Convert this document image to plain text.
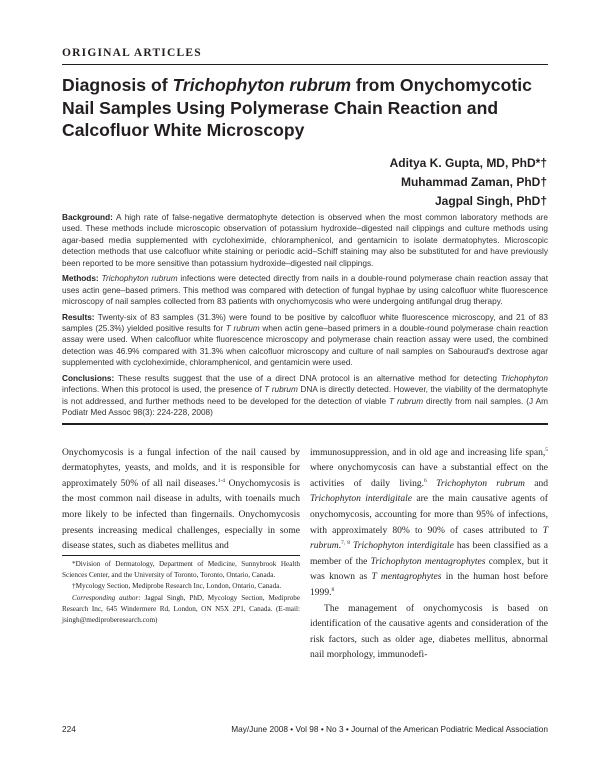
ORIGINAL ARTICLES
Diagnosis of Trichophyton rubrum from Onychomycotic Nail Samples Using Polymerase Chain Reaction and Calcofluor White Microscopy
Aditya K. Gupta, MD, PhD*†
Muhammad Zaman, PhD†
Jagpal Singh, PhD†

Background: A high rate of false-negative dermatophyte detection is observed when the most common laboratory methods are used. These methods include microscopic observation of potassium hydroxide–digested nail clippings and culture methods using agar-based media supplemented with cycloheximide, chloramphenicol, and gentamicin to isolate dermatophytes. Microscopic detection methods that use calcofluor white staining or periodic acid–Schiff staining may also be substituted for and have previously been reported to be more sensitive than potassium hydroxide–digested nail clippings.

Methods: Trichophyton rubrum infections were detected directly from nails in a double-round polymerase chain reaction assay that uses actin gene–based primers. This method was compared with detection of fungal hyphae by using calcofluor white fluorescence microscopy of nail samples collected from 83 patients with onychomycosis who were undergoing antifungal drug therapy.

Results: Twenty-six of 83 samples (31.3%) were found to be positive by calcofluor white fluorescence microscopy, and 21 of 83 samples (25.3%) yielded positive results for T rubrum when actin gene–based primers in a double-round polymerase chain reaction assay were used. When calcofluor white fluorescence microscopy and polymerase chain reaction assay were used, the combined detection was 46.9% compared with 31.3% when calcofluor microscopy and culture of nail samples on Sabouraud's dextrose agar supplemented with cycloheximide, chloramphenicol, and gentamicin were used.

Conclusions: These results suggest that the use of a direct DNA protocol is an alternative method for detecting Trichophyton infections. When this protocol is used, the presence of T rubrum DNA is directly detected. However, the viability of the dermatophyte is not addressed, and further methods need to be developed for the detection of viable T rubrum directly from nail samples. (J Am Podiatr Med Assoc 98(3): 224-228, 2008)

Onychomycosis is a fungal infection of the nail caused by dermatophytes, yeasts, and molds, and it is responsible for approximately 50% of all nail diseases.$^{1-4}$ Onychomycosis is the most common nail disease in adults, with toenails much more likely to be infected than fingernails. Onychomycosis presents increasing medical challenges, especially in some disease states, such as diabetes mellitus and

*Division of Dermatology, Department of Medicine, Sunnybrook Health Sciences Center, and the University of Toronto, Toronto, Ontario, Canada.

†Mycology Section, Mediprobe Research Inc, London, Ontario, Canada.

Corresponding author: Jagpal Singh, PhD, Mycology Section, Mediprobe Research Inc, 645 Windermere Rd, London, ON N5X 2P1, Canada. (E-mail: jsingh@mediproberesearch.com)

immunosuppression, and in old age and increasing life span,$^5$ where onychomycosis can have a substantial effect on the activities of daily living.$^6$ Trichophyton rubrum and Trichophyton interdigitale are the main causative agents of onychomycosis, accounting for more than 95% of infections, with approximately 80% to 90% of cases attributed to T rubrum.$^{7, 8}$ Trichophyton interdigitale has been classified as a member of the Trichophyton mentagrophytes complex, but it was known as T mentagrophytes in the human host before 1999.$^8$

The management of onychomycosis is based on identification of the causative agents and consideration of the risk factors, such as older age, diabetes mellitus, abnormal nail morphology, immunodefi-

224	May/June 2008 • Vol 98 • No 3 • Journal of the American Podiatric Medical Association
